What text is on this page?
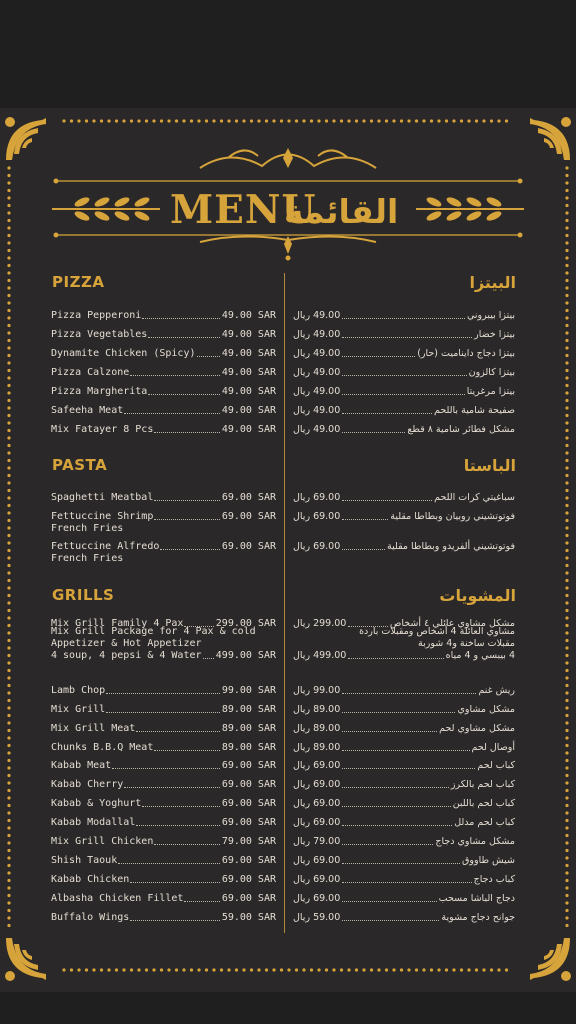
MENU
القائمة
PIZZA	البيتزا
Pizza Pepperoni	49.00 SAR
Pizza Vegetables	49.00 SAR
Dynamite Chicken (Spicy)	49.00 SAR
Pizza Calzone	49.00 SAR
Pizza Margherita	49.00 SAR
Safeeha Meat	49.00 SAR
Mix Fatayer 8 Pcs	49.00 SAR
49.00 ريال	بيتزا بيبروني
49.00 ريال	بيتزا خضار
49.00 ريال	بيتزا دجاج دايناميت (حار)
49.00 ريال	بيتزا كالزون
49.00 ريال	بيتزا مرغريتا
49.00 ريال	صفيحة شامية باللحم
49.00 ريال	مشكل فطائر شامية ٨ قطع
PASTA	الباستا
Spaghetti Meatbal	69.00 SAR
Fettuccine Shrimp	69.00 SAR
French Fries
Fettuccine Alfredo	69.00 SAR
French Fries
69.00 ريال	سباغيتي كرات اللحم
69.00 ريال	فوتوتشيني روبيان وبطاطا مقلية
69.00 ريال	فوتوتشيني ألفريدو وبطاطا مقلية
GRILLS	المشويات
Mix Grill Family 4 Pax	299.00 SAR
Mix Grill Package for 4 Pax & cold
Appetizer & Hot Appetizer
4 soup, 4 pepsi & 4 Water 499.00 SAR
Lamb Chop	99.00 SAR
Mix Grill	89.00 SAR
Mix Grill Meat	89.00 SAR
Chunks B.B.Q Meat	89.00 SAR
Kabab Meat	69.00 SAR
Kabab Cherry	69.00 SAR
Kabab & Yoghurt	69.00 SAR
Kabab Modallal	69.00 SAR
Mix Grill Chicken	79.00 SAR
Shish Taouk	69.00 SAR
Kabab Chicken	69.00 SAR
Albasha Chicken Fillet	69.00 SAR
Buffalo Wings	59.00 SAR
299.00 ريال	مشكل مشاوي عائلي ٤ أشخاص
مشاوي العائلة 4 أشخاص ومقبلات باردة
مقبلات ساخنة و4 شوربة
499.00 ريال	4 بيبسي و 4 مياه
99.00 ريال	ريش غنم
89.00 ريال	مشكل مشاوي
89.00 ريال	مشكل مشاوي لحم
89.00 ريال	أوصال لحم
69.00 ريال	كباب لحم
69.00 ريال	كباب لحم بالكرز
69.00 ريال	كباب لحم باللبن
69.00 ريال	كباب لحم مدلل
79.00 ريال	مشكل مشاوي دجاج
69.00 ريال	شيش طاووق
69.00 ريال	كباب دجاج
69.00 ريال	دجاج الباشا مسحب
59.00 ريال	جوانح دجاج مشوية
